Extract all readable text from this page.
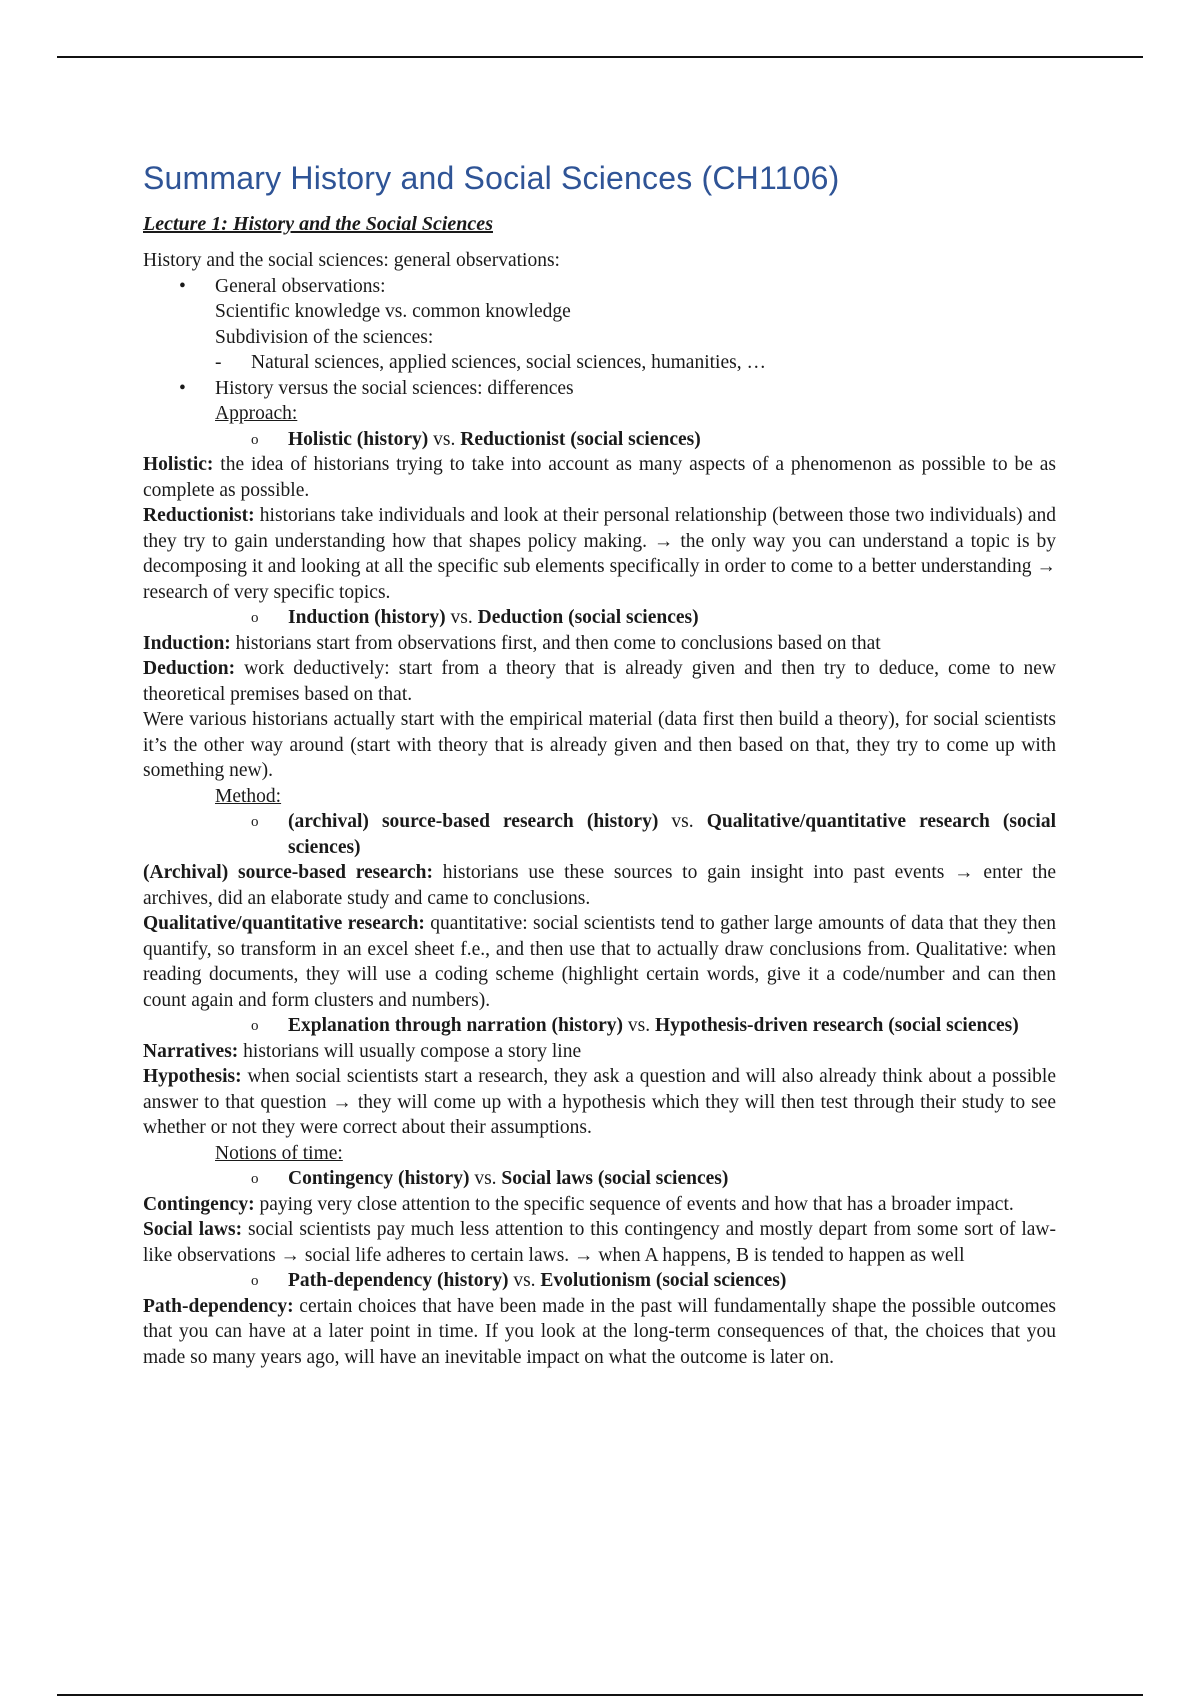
Summary History and Social Sciences (CH1106)

Lecture 1: History and the Social Sciences

History and the social sciences: general observations:

• General observations:

Scientific knowledge vs. common knowledge

Subdivision of the sciences:

- Natural sciences, applied sciences, social sciences, humanities, …

• History versus the social sciences: differences

Approach:

o Holistic (history) vs. Reductionist (social sciences)

Holistic: the idea of historians trying to take into account as many aspects of a phenomenon as possible to be as complete as possible.

Reductionist: historians take individuals and look at their personal relationship (between those two individuals) and they try to gain understanding how that shapes policy making. → the only way you can understand a topic is by decomposing it and looking at all the specific sub elements specifically in order to come to a better understanding → research of very specific topics.

o Induction (history) vs. Deduction (social sciences)

Induction: historians start from observations first, and then come to conclusions based on that

Deduction: work deductively: start from a theory that is already given and then try to deduce, come to new theoretical premises based on that.

Were various historians actually start with the empirical material (data first then build a theory), for social scientists it’s the other way around (start with theory that is already given and then based on that, they try to come up with something new).

Method:

o (archival) source-based research (history) vs. Qualitative/quantitative research (social sciences)

(Archival) source-based research: historians use these sources to gain insight into past events → enter the archives, did an elaborate study and came to conclusions.

Qualitative/quantitative research: quantitative: social scientists tend to gather large amounts of data that they then quantify, so transform in an excel sheet f.e., and then use that to actually draw conclusions from. Qualitative: when reading documents, they will use a coding scheme (highlight certain words, give it a code/number and can then count again and form clusters and numbers).

o Explanation through narration (history) vs. Hypothesis-driven research (social sciences)

Narratives: historians will usually compose a story line

Hypothesis: when social scientists start a research, they ask a question and will also already think about a possible answer to that question → they will come up with a hypothesis which they will then test through their study to see whether or not they were correct about their assumptions.

Notions of time:

o Contingency (history) vs. Social laws (social sciences)

Contingency: paying very close attention to the specific sequence of events and how that has a broader impact.

Social laws: social scientists pay much less attention to this contingency and mostly depart from some sort of law-like observations → social life adheres to certain laws. → when A happens, B is tended to happen as well

o Path-dependency (history) vs. Evolutionism (social sciences)

Path-dependency: certain choices that have been made in the past will fundamentally shape the possible outcomes that you can have at a later point in time. If you look at the long-term consequences of that, the choices that you made so many years ago, will have an inevitable impact on what the outcome is later on.
